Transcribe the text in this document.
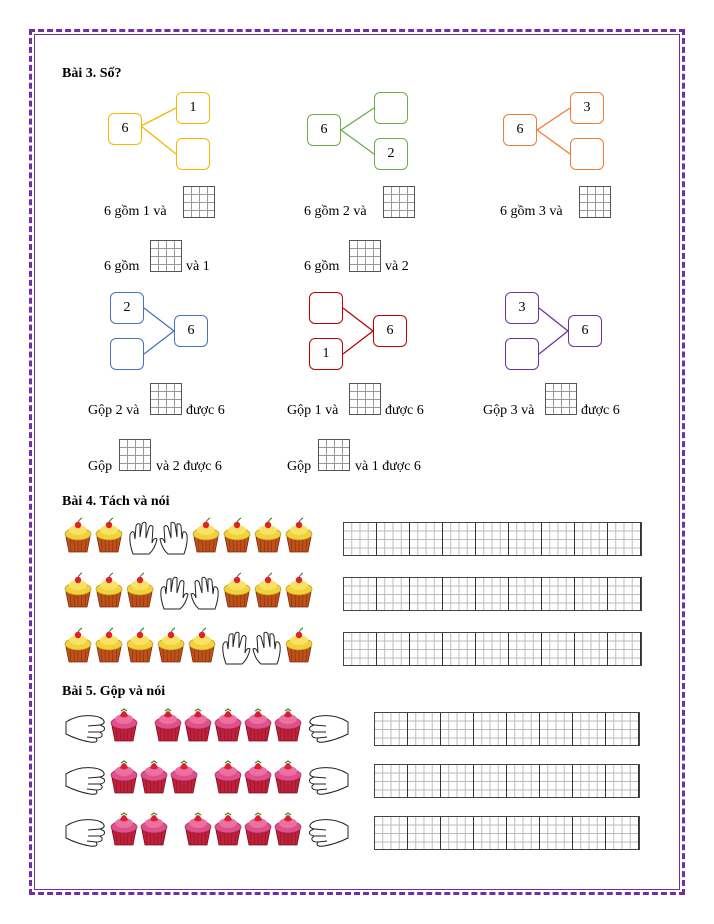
Bài 3. Số?
6
1
6
2
6
3
6 gồm 1 và	6 gồm 2 và	6 gồm 3 và
6 gồm	và 1	6 gồm	và 2
2
6
1
6
3
6
Gộp 2 và	được 6	Gộp 1 và	được 6	Gộp 3 và	được 6
Gộp	và 2 được 6	Gộp	và 1 được 6
Bài 4. Tách và nói
Bài 5. Gộp và nói
